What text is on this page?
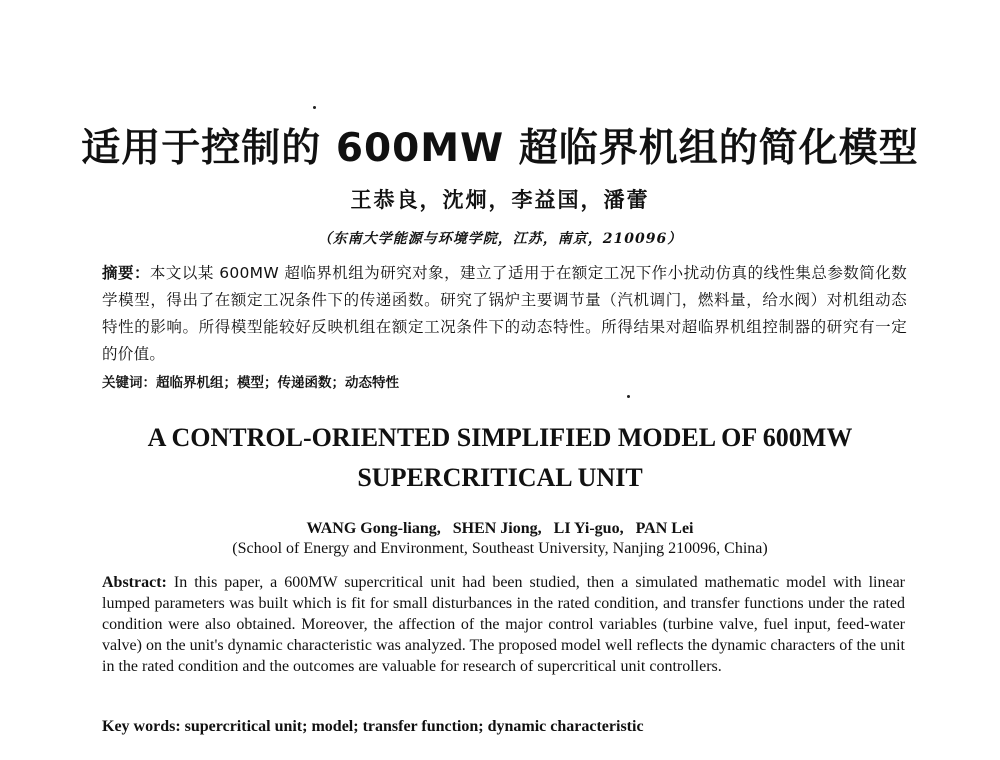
适用于控制的 600MW 超临界机组的简化模型
王恭良，沈炯，李益国，潘蕾
（东南大学能源与环境学院，江苏，南京，210096）

摘要：本文以某 600MW 超临界机组为研究对象，建立了适用于在额定工况下作小扰动仿真的线性集总参数简化数学模型，得出了在额定工况条件下的传递函数。研究了锅炉主要调节量（汽机调门，燃料量，给水阀）对机组动态特性的影响。所得模型能较好反映机组在额定工况条件下的动态特性。所得结果对超临界机组控制器的研究有一定的价值。

关键词：超临界机组；模型；传递函数；动态特性

A CONTROL-ORIENTED SIMPLIFIED MODEL OF 600MW
SUPERCRITICAL UNIT
WANG Gong-liang,   SHEN Jiong,   LI Yi-guo,   PAN Lei
(School of Energy and Environment, Southeast University, Nanjing 210096, China)

Abstract: In this paper, a 600MW supercritical unit had been studied, then a simulated mathematic model with linear lumped parameters was built which is fit for small disturbances in the rated condition, and transfer functions under the rated condition were also obtained. Moreover, the affection of the major control variables (turbine valve, fuel input, feed-water valve) on the unit's dynamic characteristic was analyzed. The proposed model well reflects the dynamic characters of the unit in the rated condition and the outcomes are valuable for research of supercritical unit controllers.

Key words: supercritical unit; model; transfer function; dynamic characteristic
